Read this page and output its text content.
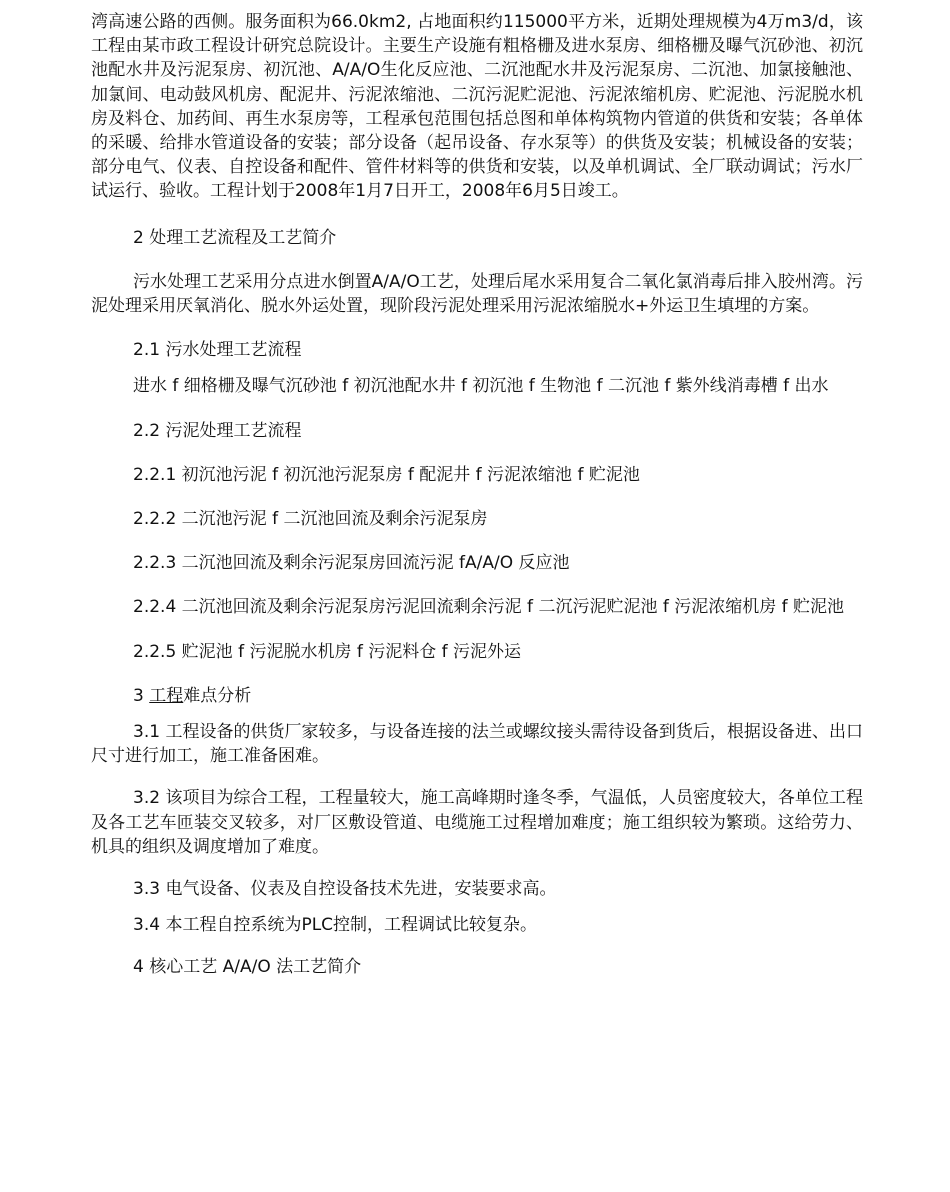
湾高速公路的西侧。服务面积为66.0km2, 占地面积约115000平方米，近期处理规模为4万m3/d，该工程由某市政工程设计研究总院设计。主要生产设施有粗格栅及进水泵房、细格栅及曝气沉砂池、初沉池配水井及污泥泵房、初沉池、A/A/O生化反应池、二沉池配水井及污泥泵房、二沉池、加氯接触池、加氯间、电动鼓风机房、配泥井、污泥浓缩池、二沉污泥贮泥池、污泥浓缩机房、贮泥池、污泥脱水机房及料仓、加药间、再生水泵房等，工程承包范围包括总图和单体构筑物内管道的供货和安装；各单体的采暖、给排水管道设备的安装；部分设备（起吊设备、存水泵等）的供货及安装；机械设备的安装；部分电气、仪表、自控设备和配件、管件材料等的供货和安装，以及单机调试、全厂联动调试；污水厂试运行、验收。工程计划于2008年1月7日开工，2008年6月5日竣工。

2 处理工艺流程及工艺简介

污水处理工艺采用分点进水倒置A/A/O工艺，处理后尾水采用复合二氧化氯消毒后排入胶州湾。污泥处理采用厌氧消化、脱水外运处置，现阶段污泥处理采用污泥浓缩脱水+外运卫生填埋的方案。

2.1 污水处理工艺流程

进水 f 细格栅及曝气沉砂池 f 初沉池配水井 f 初沉池 f 生物池 f 二沉池 f 紫外线消毒槽 f 出水

2.2 污泥处理工艺流程

2.2.1 初沉池污泥 f 初沉池污泥泵房 f 配泥井 f 污泥浓缩池 f 贮泥池

2.2.2 二沉池污泥 f 二沉池回流及剩余污泥泵房

2.2.3 二沉池回流及剩余污泥泵房回流污泥 fA/A/O 反应池

2.2.4 二沉池回流及剩余污泥泵房污泥回流剩余污泥 f 二沉污泥贮泥池 f 污泥浓缩机房 f 贮泥池

2.2.5 贮泥池 f 污泥脱水机房 f 污泥料仓 f 污泥外运

3 工程难点分析

3.1 工程设备的供货厂家较多，与设备连接的法兰或螺纹接头需待设备到货后，根据设备进、出口尺寸进行加工，施工准备困难。

3.2 该项目为综合工程，工程量较大，施工高峰期时逢冬季，气温低，人员密度较大，各单位工程及各工艺车匝装交叉较多，对厂区敷设管道、电缆施工过程增加难度；施工组织较为繁琐。这给劳力、机具的组织及调度增加了难度。

3.3 电气设备、仪表及自控设备技术先进，安装要求高。

3.4 本工程自控系统为PLC控制，工程调试比较复杂。

4 核心工艺 A/A/O 法工艺简介
